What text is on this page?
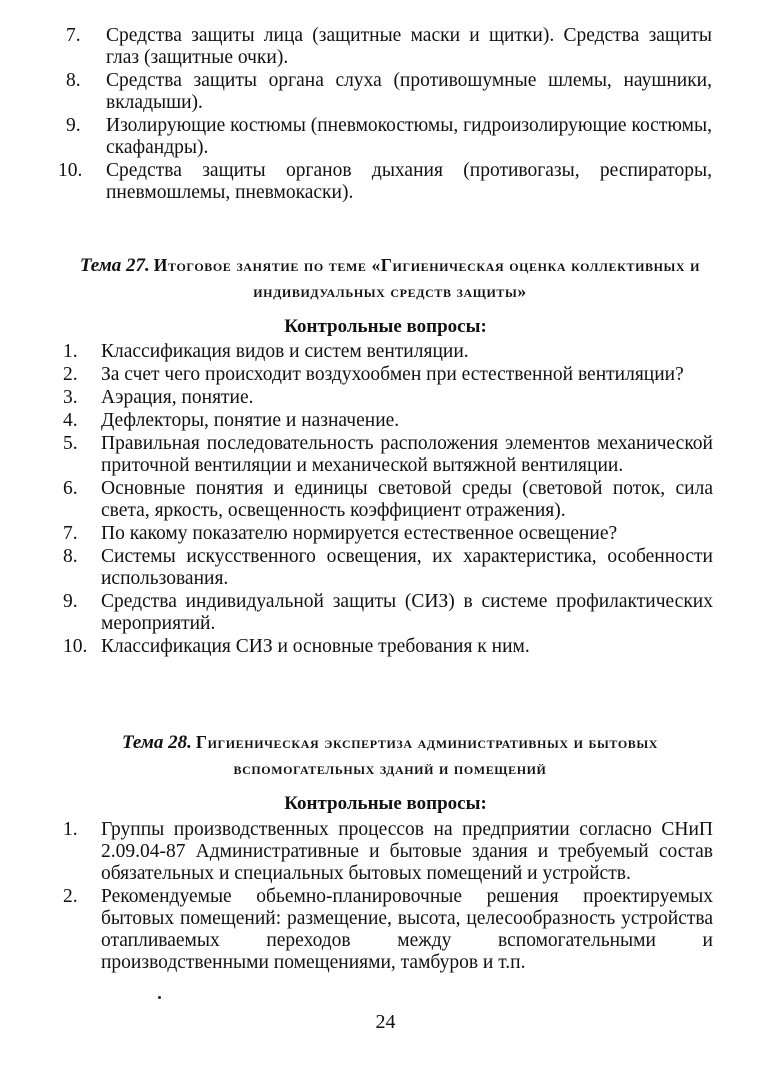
7. Средства защиты лица (защитные маски и щитки). Средства защиты глаз (защитные очки).
8. Средства защиты органа слуха (противошумные шлемы, наушники, вкладыши).
9. Изолирующие костюмы (пневмокостюмы, гидроизолирующие костюмы, скафандры).
10. Средства защиты органов дыхания (противогазы, респираторы, пневмошлемы, пневмокаски).
Тема 27. Итоговое занятие по теме «Гигиеническая оценка коллективных и индивидуальных средств защиты»
Контрольные вопросы:
1. Классификация видов и систем вентиляции.
2. За счет чего происходит воздухообмен при естественной вентиляции?
3. Аэрация, понятие.
4. Дефлекторы, понятие и назначение.
5. Правильная последовательность расположения элементов механической приточной вентиляции и механической вытяжной вентиляции.
6. Основные понятия и единицы световой среды (световой поток, сила света, яркость, освещенность коэффициент отражения).
7. По какому показателю нормируется естественное освещение?
8. Системы искусственного освещения, их характеристика, особенности использования.
9. Средства индивидуальной защиты (СИЗ) в системе профилактических мероприятий.
10. Классификация СИЗ и основные требования к ним.
Тема 28. Гигиеническая экспертиза административных и бытовых вспомогательных зданий и помещений
Контрольные вопросы:
1. Группы производственных процессов на предприятии согласно СНиП 2.09.04-87 Административные и бытовые здания и требуемый состав обязательных и специальных бытовых помещений и устройств.
2. Рекомендуемые обьемно-планировочные решения проектируемых бытовых помещений: размещение, высота, целесообразность устройства отапливаемых переходов между вспомогательными и производственными помещениями, тамбуров и т.п.
24
